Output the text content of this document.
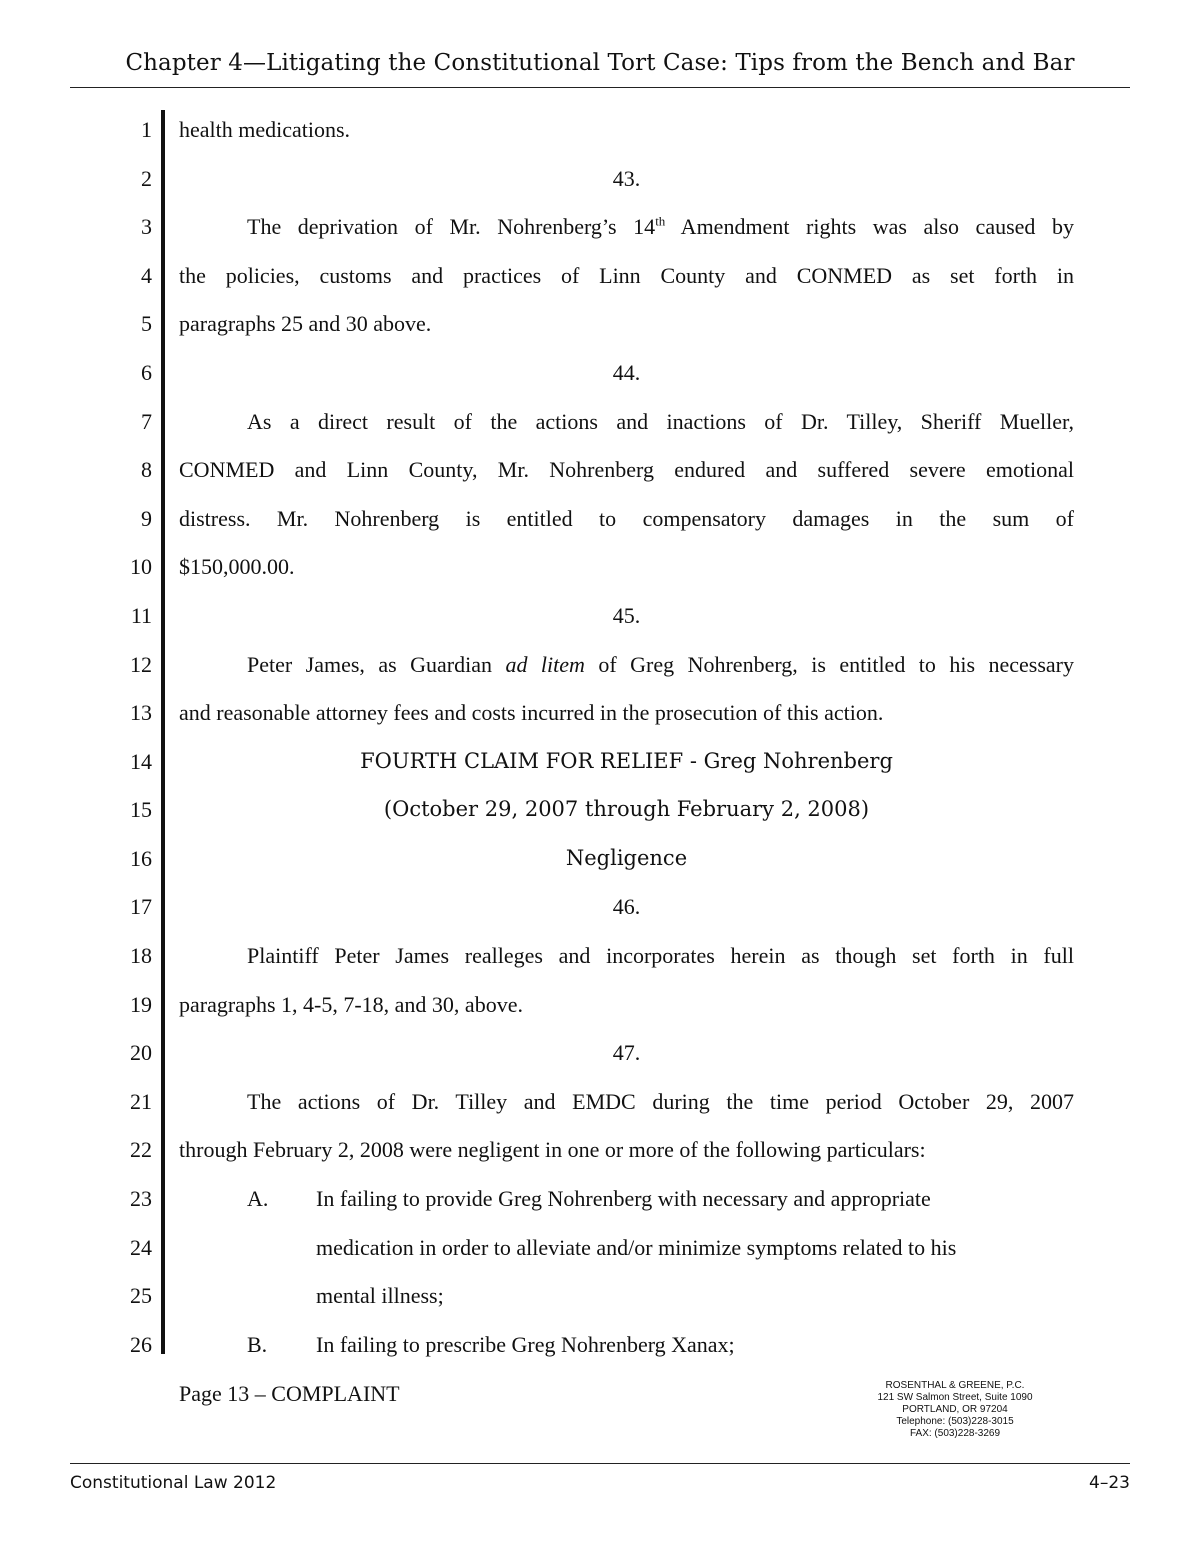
Chapter 4—Litigating the Constitutional Tort Case: Tips from the Bench and Bar
1
2
3
4
5
6
7
8
9
10
11
12
13
14
15
16
17
18
19
20
21
22
23
24
25
26
health medications.
43.
The deprivation of Mr. Nohrenberg’s 14th Amendment rights was also caused by
the policies, customs and practices of Linn County and CONMED as set forth in
paragraphs 25 and 30 above.
44.
As a direct result of the actions and inactions of Dr. Tilley, Sheriff Mueller,
CONMED and Linn County, Mr. Nohrenberg endured and suffered severe emotional
distress. Mr. Nohrenberg is entitled to compensatory damages in the sum of
$150,000.00.
45.
Peter James, as Guardian ad litem of Greg Nohrenberg, is entitled to his necessary
and reasonable attorney fees and costs incurred in the prosecution of this action.
FOURTH CLAIM FOR RELIEF - Greg Nohrenberg
(October 29, 2007 through February 2, 2008)
Negligence
46.
Plaintiff Peter James realleges and incorporates herein as though set forth in full
paragraphs 1, 4-5, 7-18, and 30, above.
47.
The actions of Dr. Tilley and EMDC during the time period October 29, 2007
through February 2, 2008 were negligent in one or more of the following particulars:
A. In failing to provide Greg Nohrenberg with necessary and appropriate
medication in order to alleviate and/or minimize symptoms related to his
mental illness;
B. In failing to prescribe Greg Nohrenberg Xanax;
Page 13 – COMPLAINT	ROSENTHAL & GREENE, P.C.
121 SW Salmon Street, Suite 1090
PORTLAND, OR 97204
Telephone: (503)228-3015
FAX: (503)228-3269
Constitutional Law 2012	4–23
